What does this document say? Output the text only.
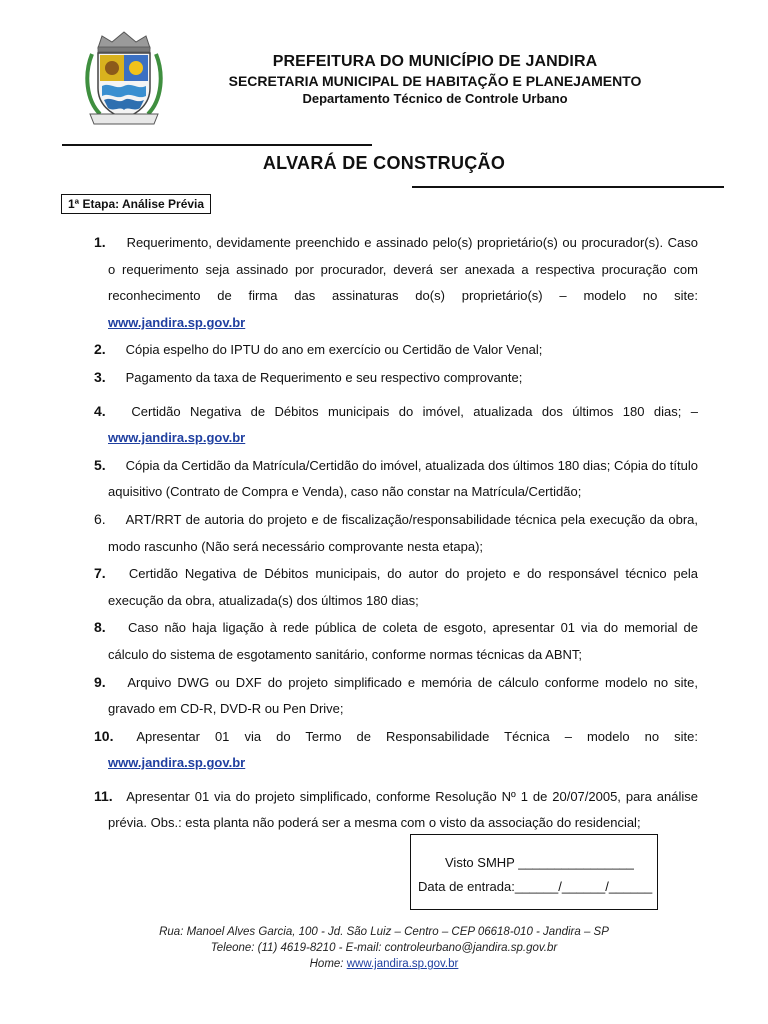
PREFEITURA DO MUNICÍPIO DE JANDIRA
SECRETARIA MUNICIPAL DE HABITAÇÃO E PLANEJAMENTO
Departamento Técnico de Controle Urbano
ALVARÁ DE CONSTRUÇÃO
1ª Etapa: Análise Prévia
1. Requerimento, devidamente preenchido e assinado pelo(s) proprietário(s) ou procurador(s). Caso o requerimento seja assinado por procurador, deverá ser anexada a respectiva procuração com reconhecimento de firma das assinaturas do(s) proprietário(s) – modelo no site: www.jandira.sp.gov.br
2. Cópia espelho do IPTU do ano em exercício ou Certidão de Valor Venal;
3. Pagamento da taxa de Requerimento e seu respectivo comprovante;
4. Certidão Negativa de Débitos municipais do imóvel, atualizada dos últimos 180 dias; – www.jandira.sp.gov.br
5. Cópia da Certidão da Matrícula/Certidão do imóvel, atualizada dos últimos 180 dias; Cópia do título aquisitivo (Contrato de Compra e Venda), caso não constar na Matrícula/Certidão;
6. ART/RRT de autoria do projeto e de fiscalização/responsabilidade técnica pela execução da obra, modo rascunho (Não será necessário comprovante nesta etapa);
7. Certidão Negativa de Débitos municipais, do autor do projeto e do responsável técnico pela execução da obra, atualizada(s) dos últimos 180 dias;
8. Caso não haja ligação à rede pública de coleta de esgoto, apresentar 01 via do memorial de cálculo do sistema de esgotamento sanitário, conforme normas técnicas da ABNT;
9. Arquivo DWG ou DXF do projeto simplificado e memória de cálculo conforme modelo no site, gravado em CD-R, DVD-R ou Pen Drive;
10. Apresentar 01 via do Termo de Responsabilidade Técnica – modelo no site: www.jandira.sp.gov.br
11. Apresentar 01 via do projeto simplificado, conforme Resolução Nº 1 de 20/07/2005, para análise prévia. Obs.: esta planta não poderá ser a mesma com o visto da associação do residencial;
Visto SMHP ________________
Data de entrada:______/______/______
Rua: Manoel Alves Garcia, 100 - Jd. São Luiz – Centro – CEP 06618-010 - Jandira – SP
Teleone: (11) 4619-8210 - E-mail: controleurbano@jandira.sp.gov.br
Home: www.jandira.sp.gov.br
